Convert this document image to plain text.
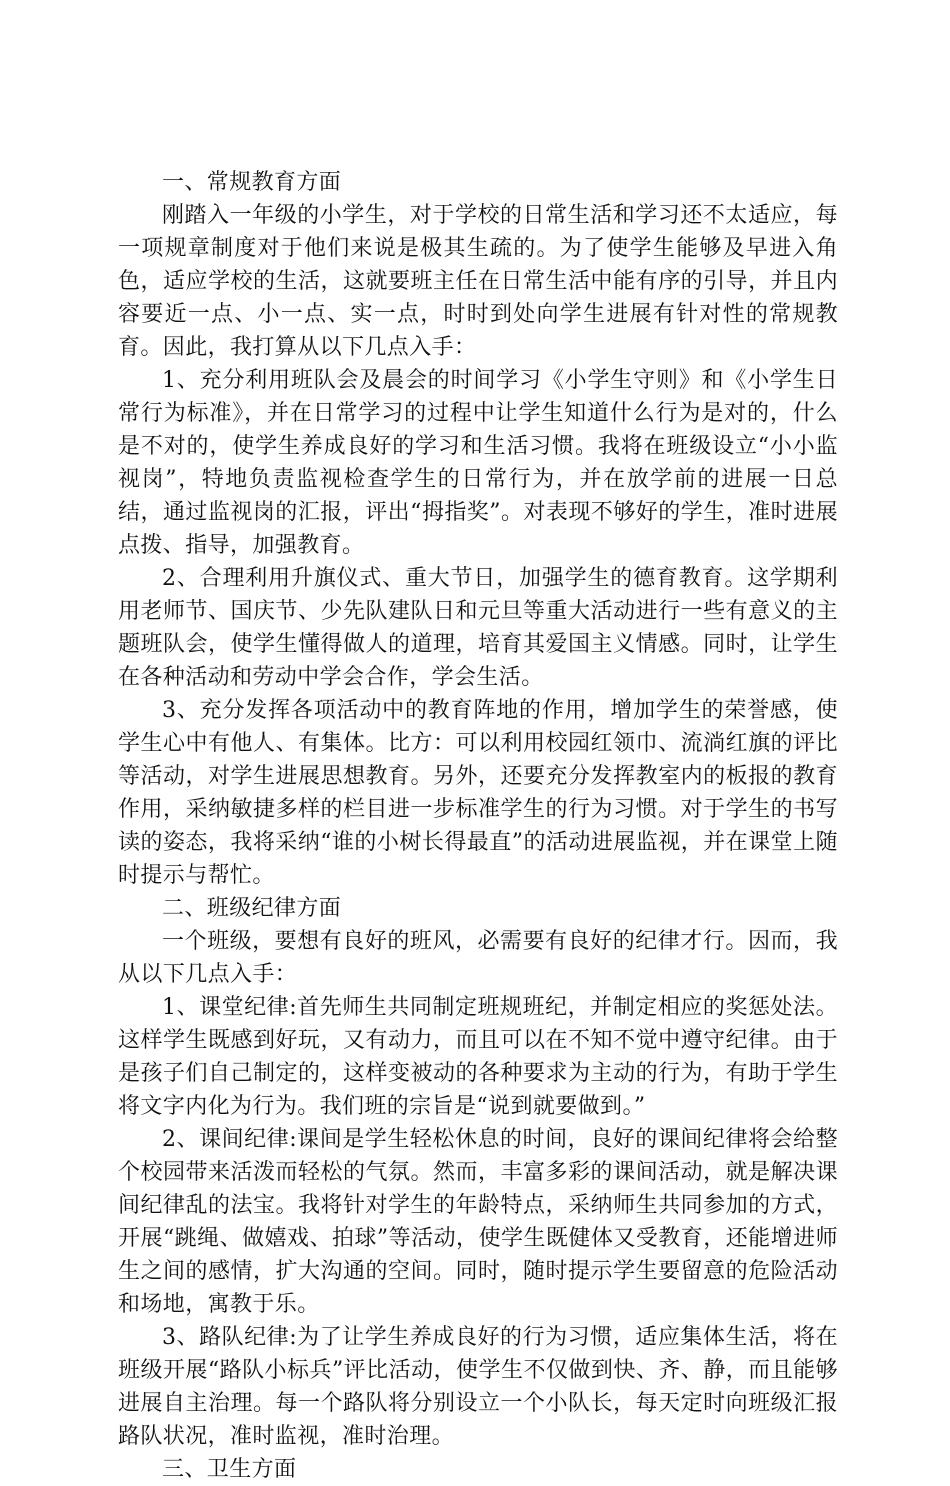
一、常规教育方面

刚踏入一年级的小学生，对于学校的日常生活和学习还不太适应，每一项规章制度对于他们来说是极其生疏的。为了使学生能够及早进入角色，适应学校的生活，这就要班主任在日常生活中能有序的引导，并且内容要近一点、小一点、实一点，时时到处向学生进展有针对性的常规教育。因此，我打算从以下几点入手：

1、充分利用班队会及晨会的时间学习《小学生守则》和《小学生日常行为标准》，并在日常学习的过程中让学生知道什么行为是对的，什么是不对的，使学生养成良好的学习和生活习惯。我将在班级设立“小小监视岗”，特地负责监视检查学生的日常行为，并在放学前的进展一日总结，通过监视岗的汇报，评出“拇指奖”。对表现不够好的学生，准时进展点拨、指导，加强教育。

2、合理利用升旗仪式、重大节日，加强学生的德育教育。这学期利用老师节、国庆节、少先队建队日和元旦等重大活动进行一些有意义的主题班队会，使学生懂得做人的道理，培育其爱国主义情感。同时，让学生在各种活动和劳动中学会合作，学会生活。

3、充分发挥各项活动中的教育阵地的作用，增加学生的荣誉感，使学生心中有他人、有集体。比方：可以利用校园红领巾、流淌红旗的评比等活动，对学生进展思想教育。另外，还要充分发挥教室内的板报的教育作用，采纳敏捷多样的栏目进一步标准学生的行为习惯。对于学生的书写读的姿态，我将采纳“谁的小树长得最直”的活动进展监视，并在课堂上随时提示与帮忙。

二、班级纪律方面

一个班级，要想有良好的班风，必需要有良好的纪律才行。因而，我从以下几点入手：

1、课堂纪律:首先师生共同制定班规班纪，并制定相应的奖惩处法。这样学生既感到好玩，又有动力，而且可以在不知不觉中遵守纪律。由于是孩子们自己制定的，这样变被动的各种要求为主动的行为，有助于学生将文字内化为行为。我们班的宗旨是“说到就要做到。”

2、课间纪律:课间是学生轻松休息的时间，良好的课间纪律将会给整个校园带来活泼而轻松的气氛。然而，丰富多彩的课间活动，就是解决课间纪律乱的法宝。我将针对学生的年龄特点，采纳师生共同参加的方式，开展“跳绳、做嬉戏、拍球”等活动，使学生既健体又受教育，还能增进师生之间的感情，扩大沟通的空间。同时，随时提示学生要留意的危险活动和场地，寓教于乐。

3、路队纪律:为了让学生养成良好的行为习惯，适应集体生活，将在班级开展“路队小标兵”评比活动，使学生不仅做到快、齐、静，而且能够进展自主治理。每一个路队将分别设立一个小队长，每天定时向班级汇报路队状况，准时监视，准时治理。

三、卫生方面
